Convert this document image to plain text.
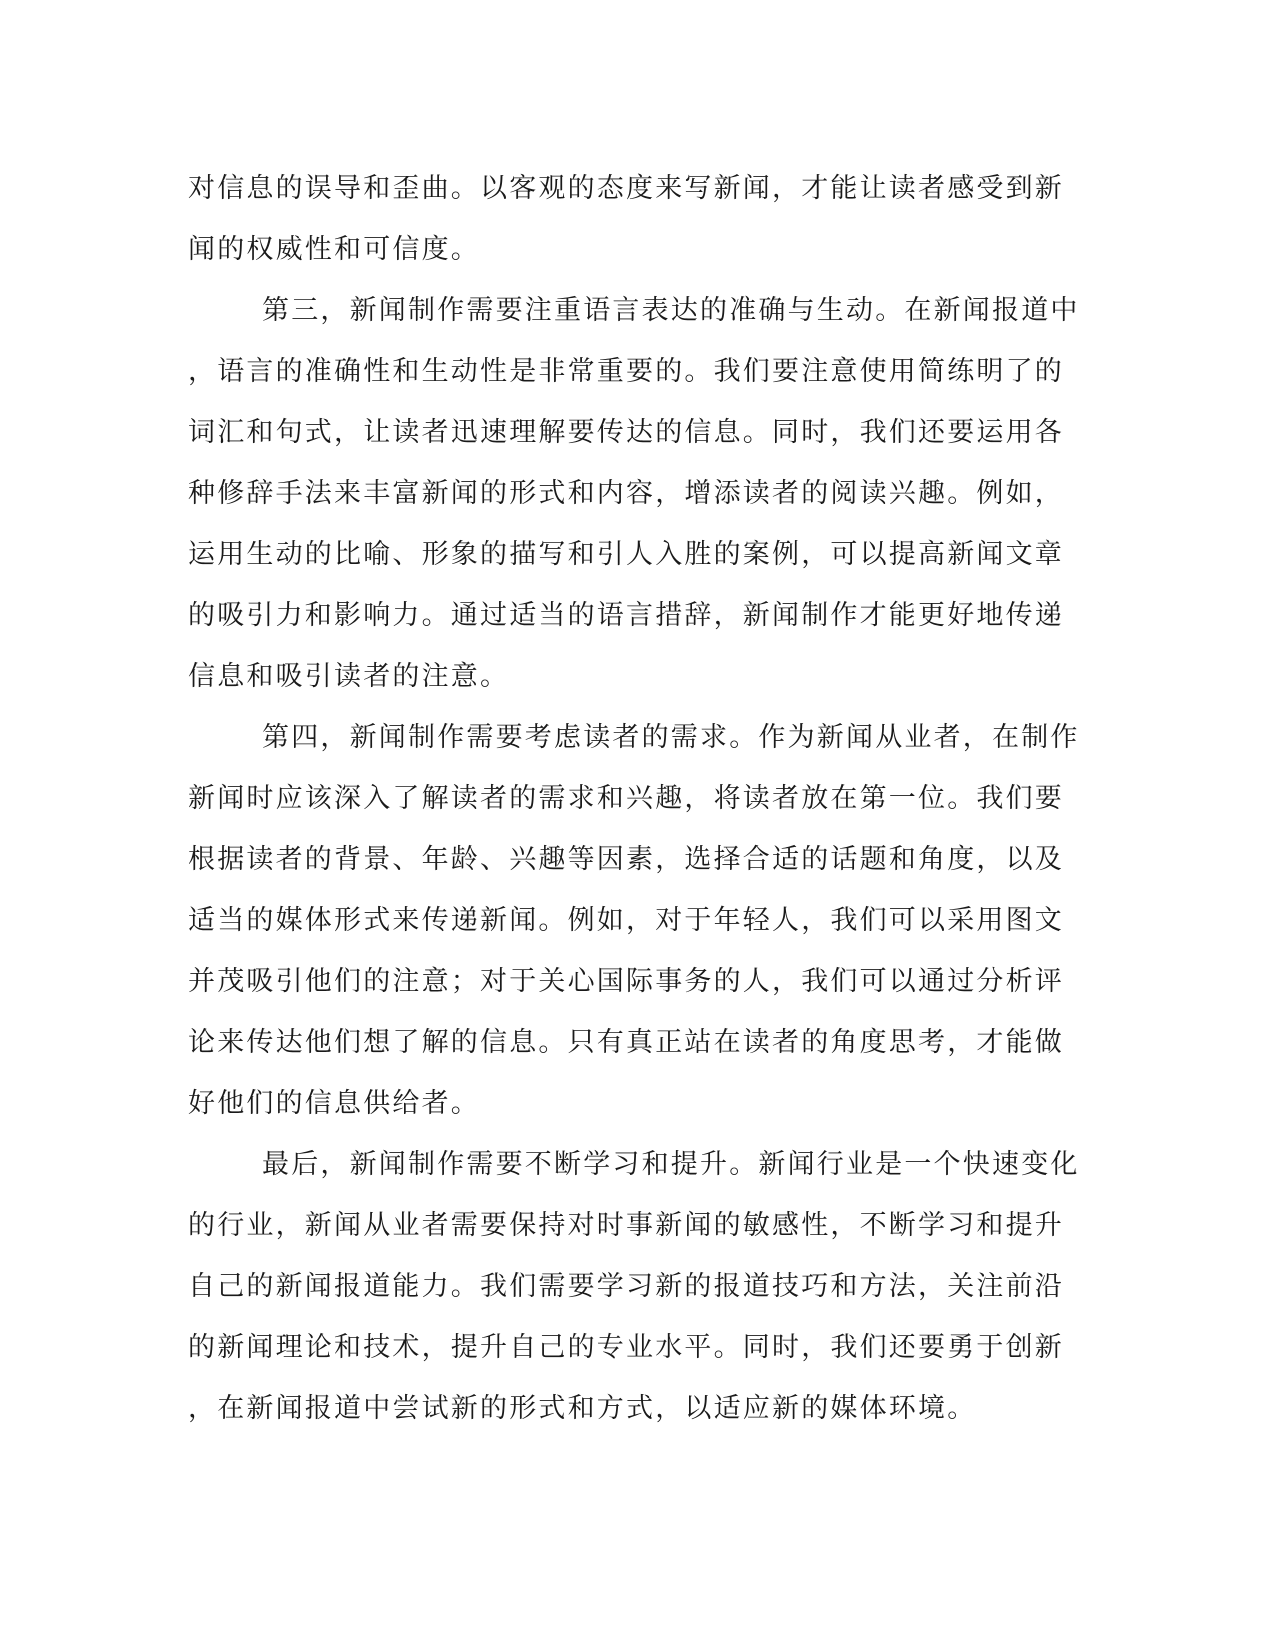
对信息的误导和歪曲。以客观的态度来写新闻，才能让读者感受到新
闻的权威性和可信度。
第三，新闻制作需要注重语言表达的准确与生动。在新闻报道中
，语言的准确性和生动性是非常重要的。我们要注意使用简练明了的
词汇和句式，让读者迅速理解要传达的信息。同时，我们还要运用各
种修辞手法来丰富新闻的形式和内容，增添读者的阅读兴趣。例如，
运用生动的比喻、形象的描写和引人入胜的案例，可以提高新闻文章
的吸引力和影响力。通过适当的语言措辞，新闻制作才能更好地传递
信息和吸引读者的注意。
第四，新闻制作需要考虑读者的需求。作为新闻从业者，在制作
新闻时应该深入了解读者的需求和兴趣，将读者放在第一位。我们要
根据读者的背景、年龄、兴趣等因素，选择合适的话题和角度，以及
适当的媒体形式来传递新闻。例如，对于年轻人，我们可以采用图文
并茂吸引他们的注意；对于关心国际事务的人，我们可以通过分析评
论来传达他们想了解的信息。只有真正站在读者的角度思考，才能做
好他们的信息供给者。
最后，新闻制作需要不断学习和提升。新闻行业是一个快速变化
的行业，新闻从业者需要保持对时事新闻的敏感性，不断学习和提升
自己的新闻报道能力。我们需要学习新的报道技巧和方法，关注前沿
的新闻理论和技术，提升自己的专业水平。同时，我们还要勇于创新
，在新闻报道中尝试新的形式和方式，以适应新的媒体环境。
